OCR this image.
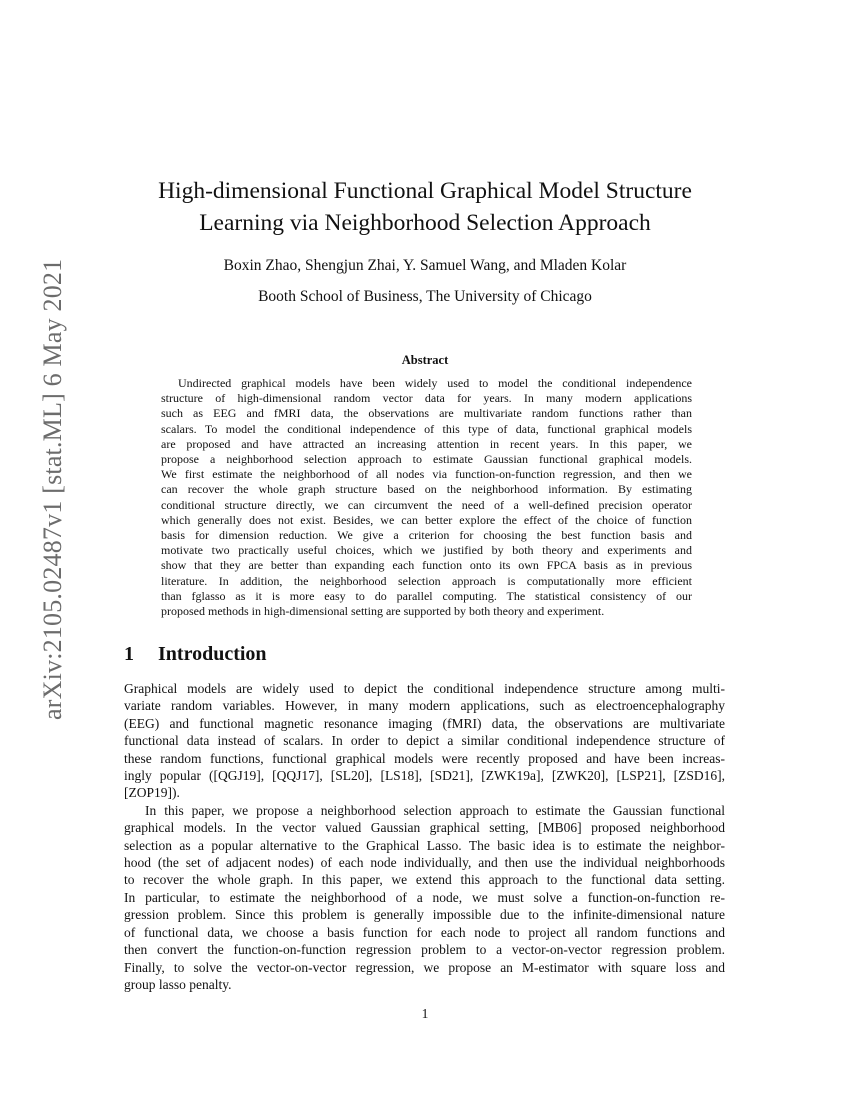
arXiv:2105.02487v1 [stat.ML] 6 May 2021
High-dimensional Functional Graphical Model Structure
Learning via Neighborhood Selection Approach
Boxin Zhao, Shengjun Zhai, Y. Samuel Wang, and Mladen Kolar
Booth School of Business, The University of Chicago
Abstract
Undirected graphical models have been widely used to model the conditional independence
structure of high-dimensional random vector data for years. In many modern applications
such as EEG and fMRI data, the observations are multivariate random functions rather than
scalars. To model the conditional independence of this type of data, functional graphical models
are proposed and have attracted an increasing attention in recent years. In this paper, we
propose a neighborhood selection approach to estimate Gaussian functional graphical models.
We first estimate the neighborhood of all nodes via function-on-function regression, and then we
can recover the whole graph structure based on the neighborhood information. By estimating
conditional structure directly, we can circumvent the need of a well-defined precision operator
which generally does not exist. Besides, we can better explore the effect of the choice of function
basis for dimension reduction. We give a criterion for choosing the best function basis and
motivate two practically useful choices, which we justified by both theory and experiments and
show that they are better than expanding each function onto its own FPCA basis as in previous
literature. In addition, the neighborhood selection approach is computationally more efficient
than fglasso as it is more easy to do parallel computing. The statistical consistency of our
proposed methods in high-dimensional setting are supported by both theory and experiment.
1 Introduction
Graphical models are widely used to depict the conditional independence structure among multi-
variate random variables. However, in many modern applications, such as electroencephalography
(EEG) and functional magnetic resonance imaging (fMRI) data, the observations are multivariate
functional data instead of scalars. In order to depict a similar conditional independence structure of
these random functions, functional graphical models were recently proposed and have been increas-
ingly popular ([QGJ19], [QQJ17], [SL20], [LS18], [SD21], [ZWK19a], [ZWK20], [LSP21], [ZSD16],
[ZOP19]).
In this paper, we propose a neighborhood selection approach to estimate the Gaussian functional
graphical models. In the vector valued Gaussian graphical setting, [MB06] proposed neighborhood
selection as a popular alternative to the Graphical Lasso. The basic idea is to estimate the neighbor-
hood (the set of adjacent nodes) of each node individually, and then use the individual neighborhoods
to recover the whole graph. In this paper, we extend this approach to the functional data setting.
In particular, to estimate the neighborhood of a node, we must solve a function-on-function re-
gression problem. Since this problem is generally impossible due to the infinite-dimensional nature
of functional data, we choose a basis function for each node to project all random functions and
then convert the function-on-function regression problem to a vector-on-vector regression problem.
Finally, to solve the vector-on-vector regression, we propose an M-estimator with square loss and
group lasso penalty.
1
